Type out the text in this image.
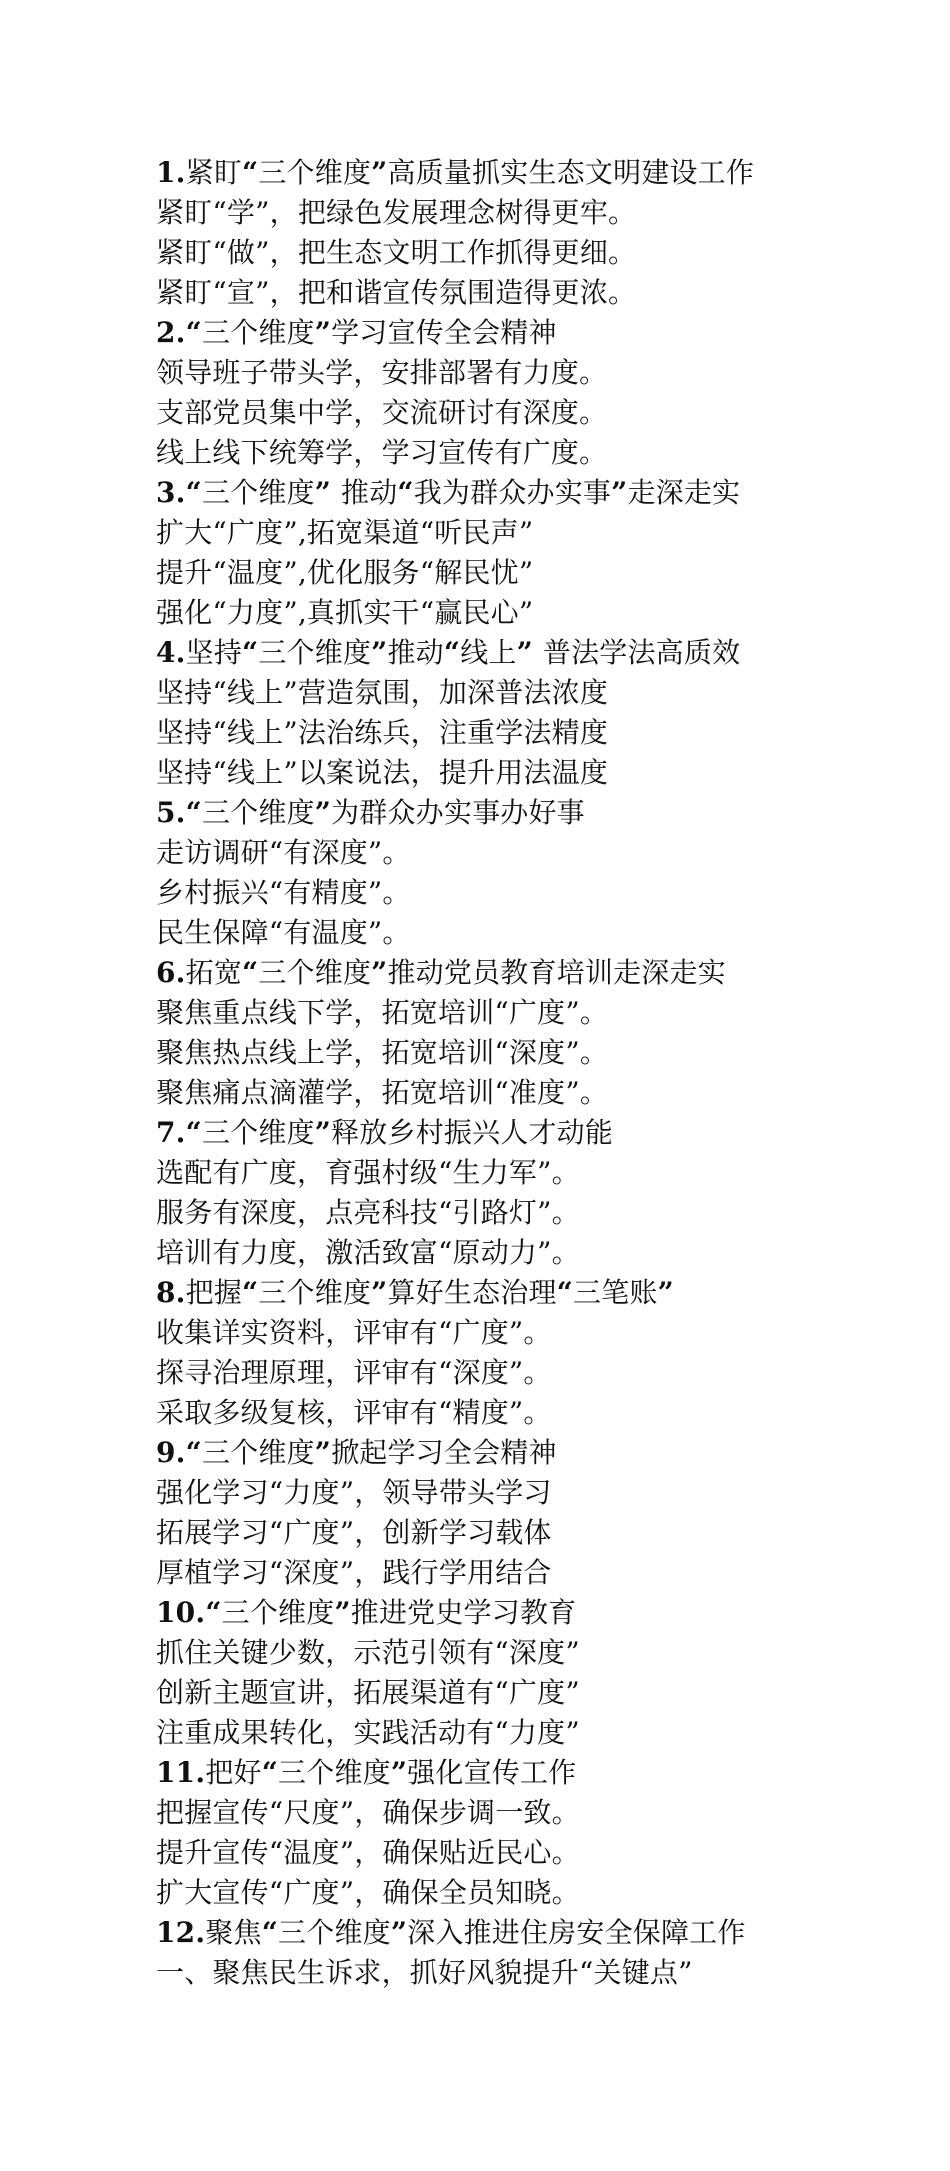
1.紧盯“三个维度”高质量抓实生态文明建设工作
紧盯“学”，把绿色发展理念树得更牢。
紧盯“做”，把生态文明工作抓得更细。
紧盯“宣”，把和谐宣传氛围造得更浓。
2.“三个维度”学习宣传全会精神
领导班子带头学，安排部署有力度。
支部党员集中学，交流研讨有深度。
线上线下统筹学，学习宣传有广度。
3.“三个维度” 推动“我为群众办实事”走深走实
扩大“广度”,拓宽渠道“听民声”
提升“温度”,优化服务“解民忧”
强化“力度”,真抓实干“赢民心”
4.坚持“三个维度”推动“线上” 普法学法高质效
坚持“线上”营造氛围，加深普法浓度
坚持“线上”法治练兵，注重学法精度
坚持“线上”以案说法，提升用法温度
5.“三个维度”为群众办实事办好事
走访调研“有深度”。
乡村振兴“有精度”。
民生保障“有温度”。
6.拓宽“三个维度”推动党员教育培训走深走实
聚焦重点线下学，拓宽培训“广度”。
聚焦热点线上学，拓宽培训“深度”。
聚焦痛点滴灌学，拓宽培训“准度”。
7.“三个维度”释放乡村振兴人才动能
选配有广度，育强村级“生力军”。
服务有深度，点亮科技“引路灯”。
培训有力度，激活致富“原动力”。
8.把握“三个维度”算好生态治理“三笔账”
收集详实资料，评审有“广度”。
探寻治理原理，评审有“深度”。
采取多级复核，评审有“精度”。
9.“三个维度”掀起学习全会精神
强化学习“力度”，领导带头学习
拓展学习“广度”，创新学习载体
厚植学习“深度”，践行学用结合
10.“三个维度”推进党史学习教育
抓住关键少数，示范引领有“深度”
创新主题宣讲，拓展渠道有“广度”
注重成果转化，实践活动有“力度”
11.把好“三个维度”强化宣传工作
把握宣传“尺度”，确保步调一致。
提升宣传“温度”，确保贴近民心。
扩大宣传“广度”，确保全员知晓。
12.聚焦“三个维度”深入推进住房安全保障工作
一、聚焦民生诉求，抓好风貌提升“关键点”
